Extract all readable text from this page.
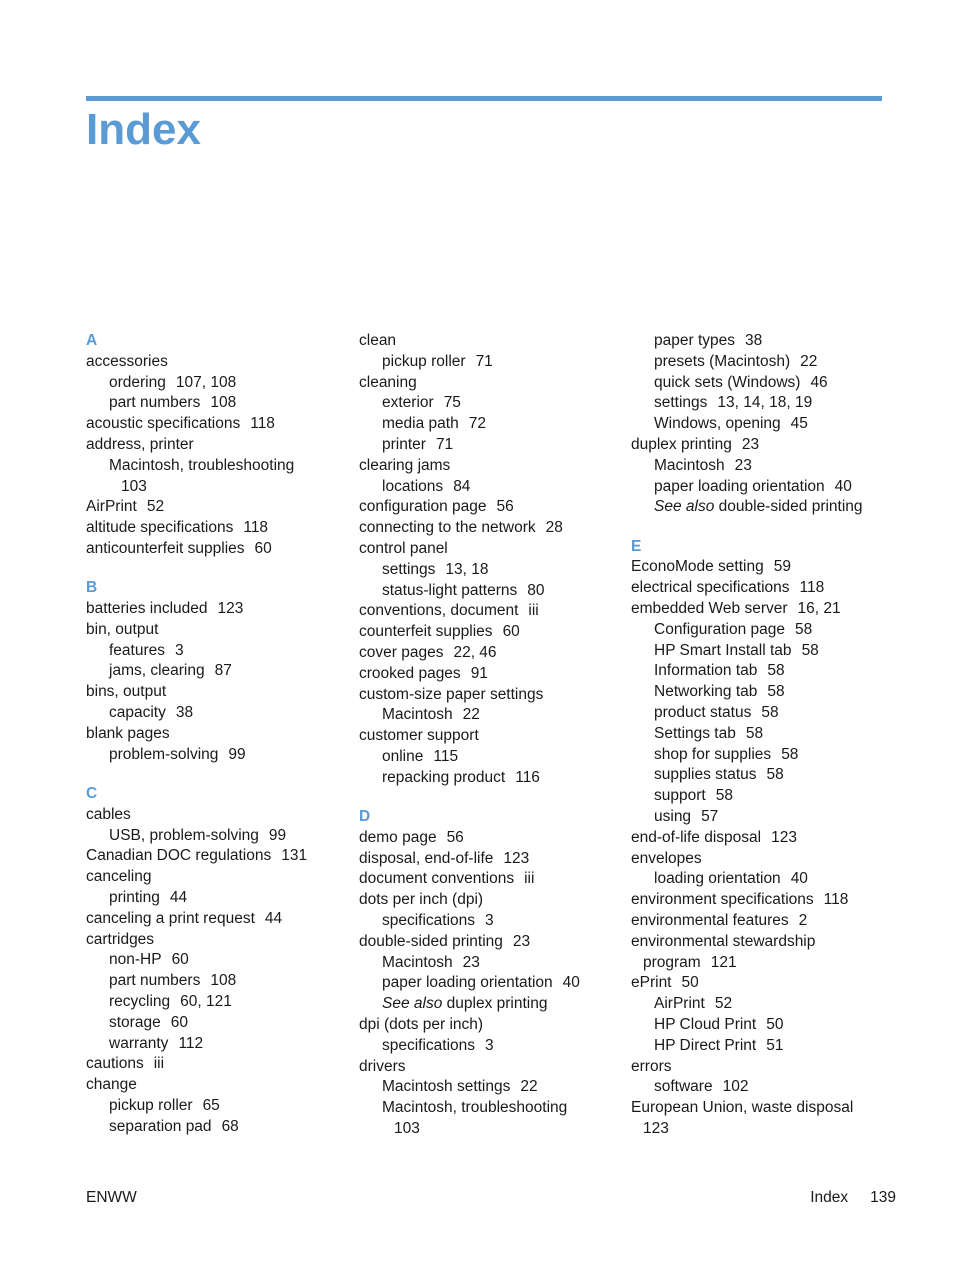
Index
A
accessories
ordering 107, 108
part numbers 108
acoustic specifications 118
address, printer
Macintosh, troubleshooting
103
AirPrint 52
altitude specifications 118
anticounterfeit supplies 60
B
batteries included 123
bin, output
features 3
jams, clearing 87
bins, output
capacity 38
blank pages
problem-solving 99
C
cables
USB, problem-solving 99
Canadian DOC regulations 131
canceling
printing 44
canceling a print request 44
cartridges
non-HP 60
part numbers 108
recycling 60, 121
storage 60
warranty 112
cautions iii
change
pickup roller 65
separation pad 68
clean
pickup roller 71
cleaning
exterior 75
media path 72
printer 71
clearing jams
locations 84
configuration page 56
connecting to the network 28
control panel
settings 13, 18
status-light patterns 80
conventions, document iii
counterfeit supplies 60
cover pages 22, 46
crooked pages 91
custom-size paper settings
Macintosh 22
customer support
online 115
repacking product 116
D
demo page 56
disposal, end-of-life 123
document conventions iii
dots per inch (dpi)
specifications 3
double-sided printing 23
Macintosh 23
paper loading orientation 40
See also duplex printing
dpi (dots per inch)
specifications 3
drivers
Macintosh settings 22
Macintosh, troubleshooting
103
paper types 38
presets (Macintosh) 22
quick sets (Windows) 46
settings 13, 14, 18, 19
Windows, opening 45
duplex printing 23
Macintosh 23
paper loading orientation 40
See also double-sided printing
E
EconoMode setting 59
electrical specifications 118
embedded Web server 16, 21
Configuration page 58
HP Smart Install tab 58
Information tab 58
Networking tab 58
product status 58
Settings tab 58
shop for supplies 58
supplies status 58
support 58
using 57
end-of-life disposal 123
envelopes
loading orientation 40
environment specifications 118
environmental features 2
environmental stewardship
program 121
ePrint 50
AirPrint 52
HP Cloud Print 50
HP Direct Print 51
errors
software 102
European Union, waste disposal
123
ENWW	Index 139
